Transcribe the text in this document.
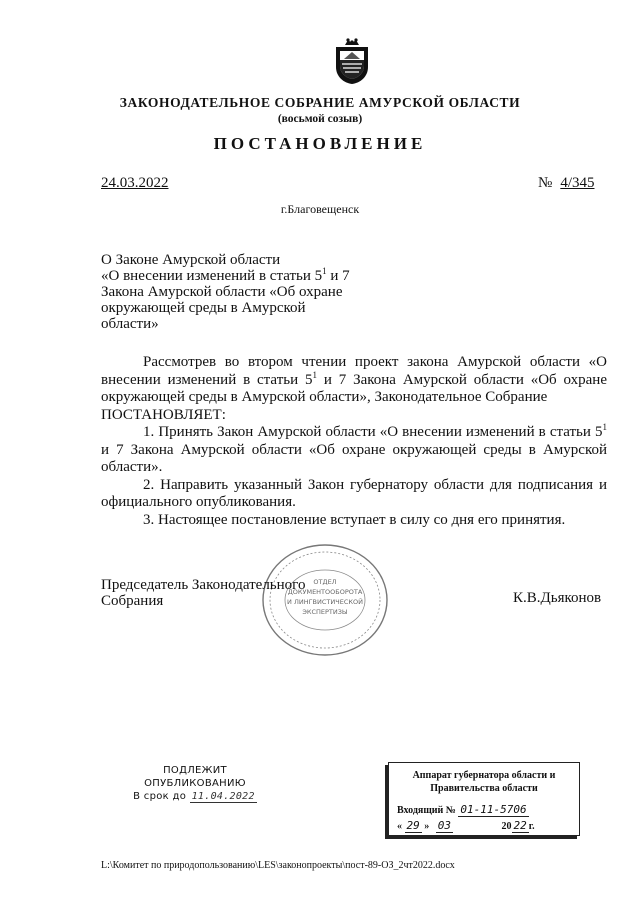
ЗАКОНОДАТЕЛЬНОЕ СОБРАНИЕ АМУРСКОЙ ОБЛАСТИ
(восьмой созыв)
ПОСТАНОВЛЕНИЕ
24.03.2022	№ 4/345
г.Благовещенск
О Законе Амурской области
«О внесении изменений в статьи $5^1$ и 7
Закона Амурской области «Об охране
окружающей среды в Амурской
области»

Рассмотрев во втором чтении проект закона Амурской области «О внесении изменений в статьи $5^1$ и 7 Закона Амурской области «Об охране окружающей среды в Амурской области», Законодательное Собрание

ПОСТАНОВЛЯЕТ:

1. Принять Закон Амурской области «О внесении изменений в статьи $5^1$ и 7 Закона Амурской области «Об охране окружающей среды в Амурской области».

2. Направить указанный Закон губернатору области для подписания и официального опубликования.

3. Настоящее постановление вступает в силу со дня его принятия.

ОТДЕЛ
ДОКУМЕНТООБОРОТА
И ЛИНГВИСТИЧЕСКОЙ
ЭКСПЕРТИЗЫ
Председатель Законодательного
Собрания	К.В.Дьяконов
ПОДЛЕЖИТ
ОПУБЛИКОВАНИЮ
В срок до 11.04.2022
Аппарат губернатора области и
Правительства области
Входящий № 01-11-5706
« 29 » 03	20 22 г.
L:\Комитет по природопользованию\LES\законопроекты\пост-89-ОЗ_2чт2022.docx
